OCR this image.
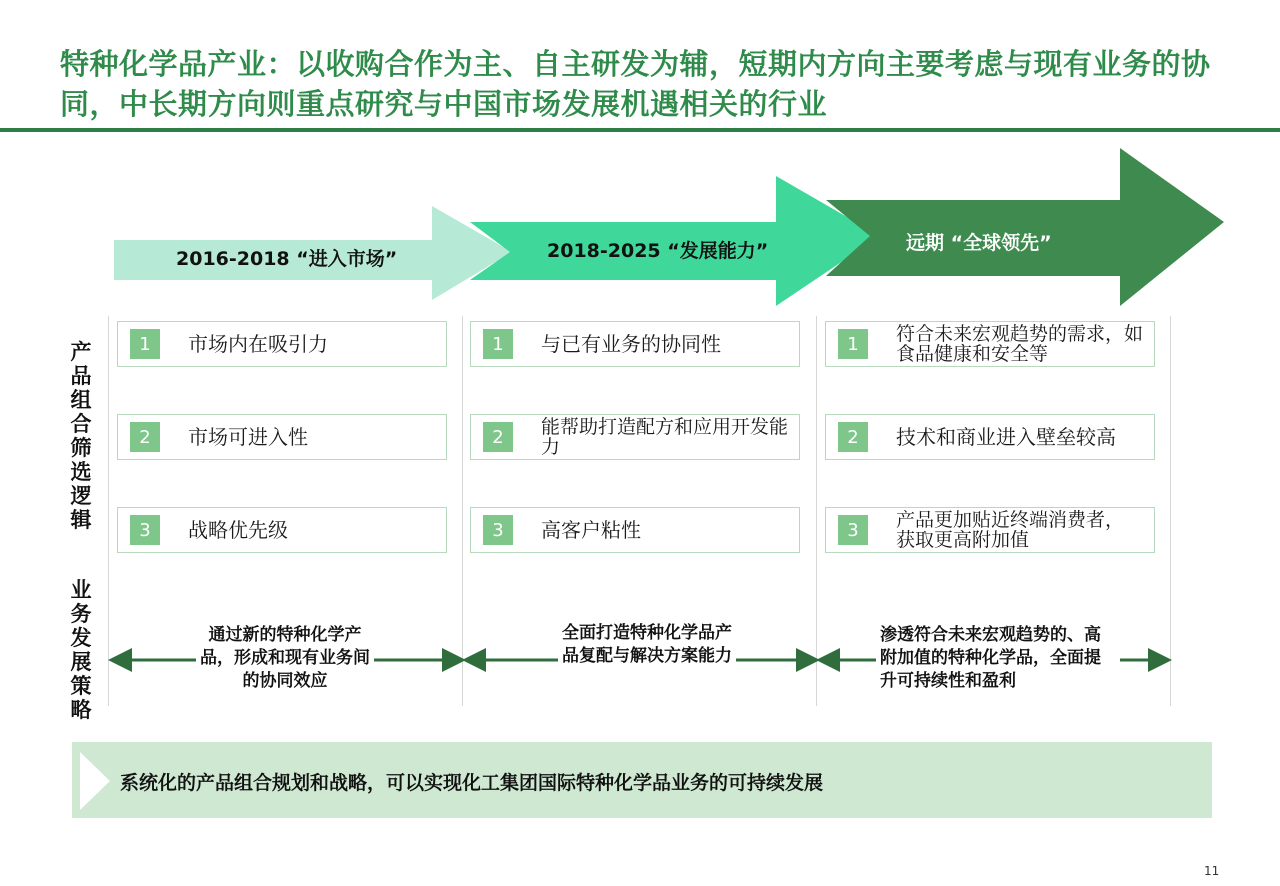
特种化学品产业：以收购合作为主、自主研发为辅，短期内方向主要考虑与现有业务的协同，中长期方向则重点研究与中国市场发展机遇相关的行业
2016-2018 “进入市场”	2018-2025 “发展能力”	远期 “全球领先”
产品组合筛选逻辑
业务发展策略
1	市场内在吸引力
2	市场可进入性
3	战略优先级
1	与已有业务的协同性
2	能帮助打造配方和应用开发能力
3	高客户粘性
1	符合未来宏观趋势的需求，如食品健康和安全等
2	技术和商业进入壁垒较高
3	产品更加贴近终端消费者，获取更高附加值
通过新的特种化学产品，形成和现有业务间的协同效应
全面打造特种化学品产品复配与解决方案能力
渗透符合未来宏观趋势的、高附加值的特种化学品，全面提升可持续性和盈利
系统化的产品组合规划和战略，可以实现化工集团国际特种化学品业务的可持续发展
11
